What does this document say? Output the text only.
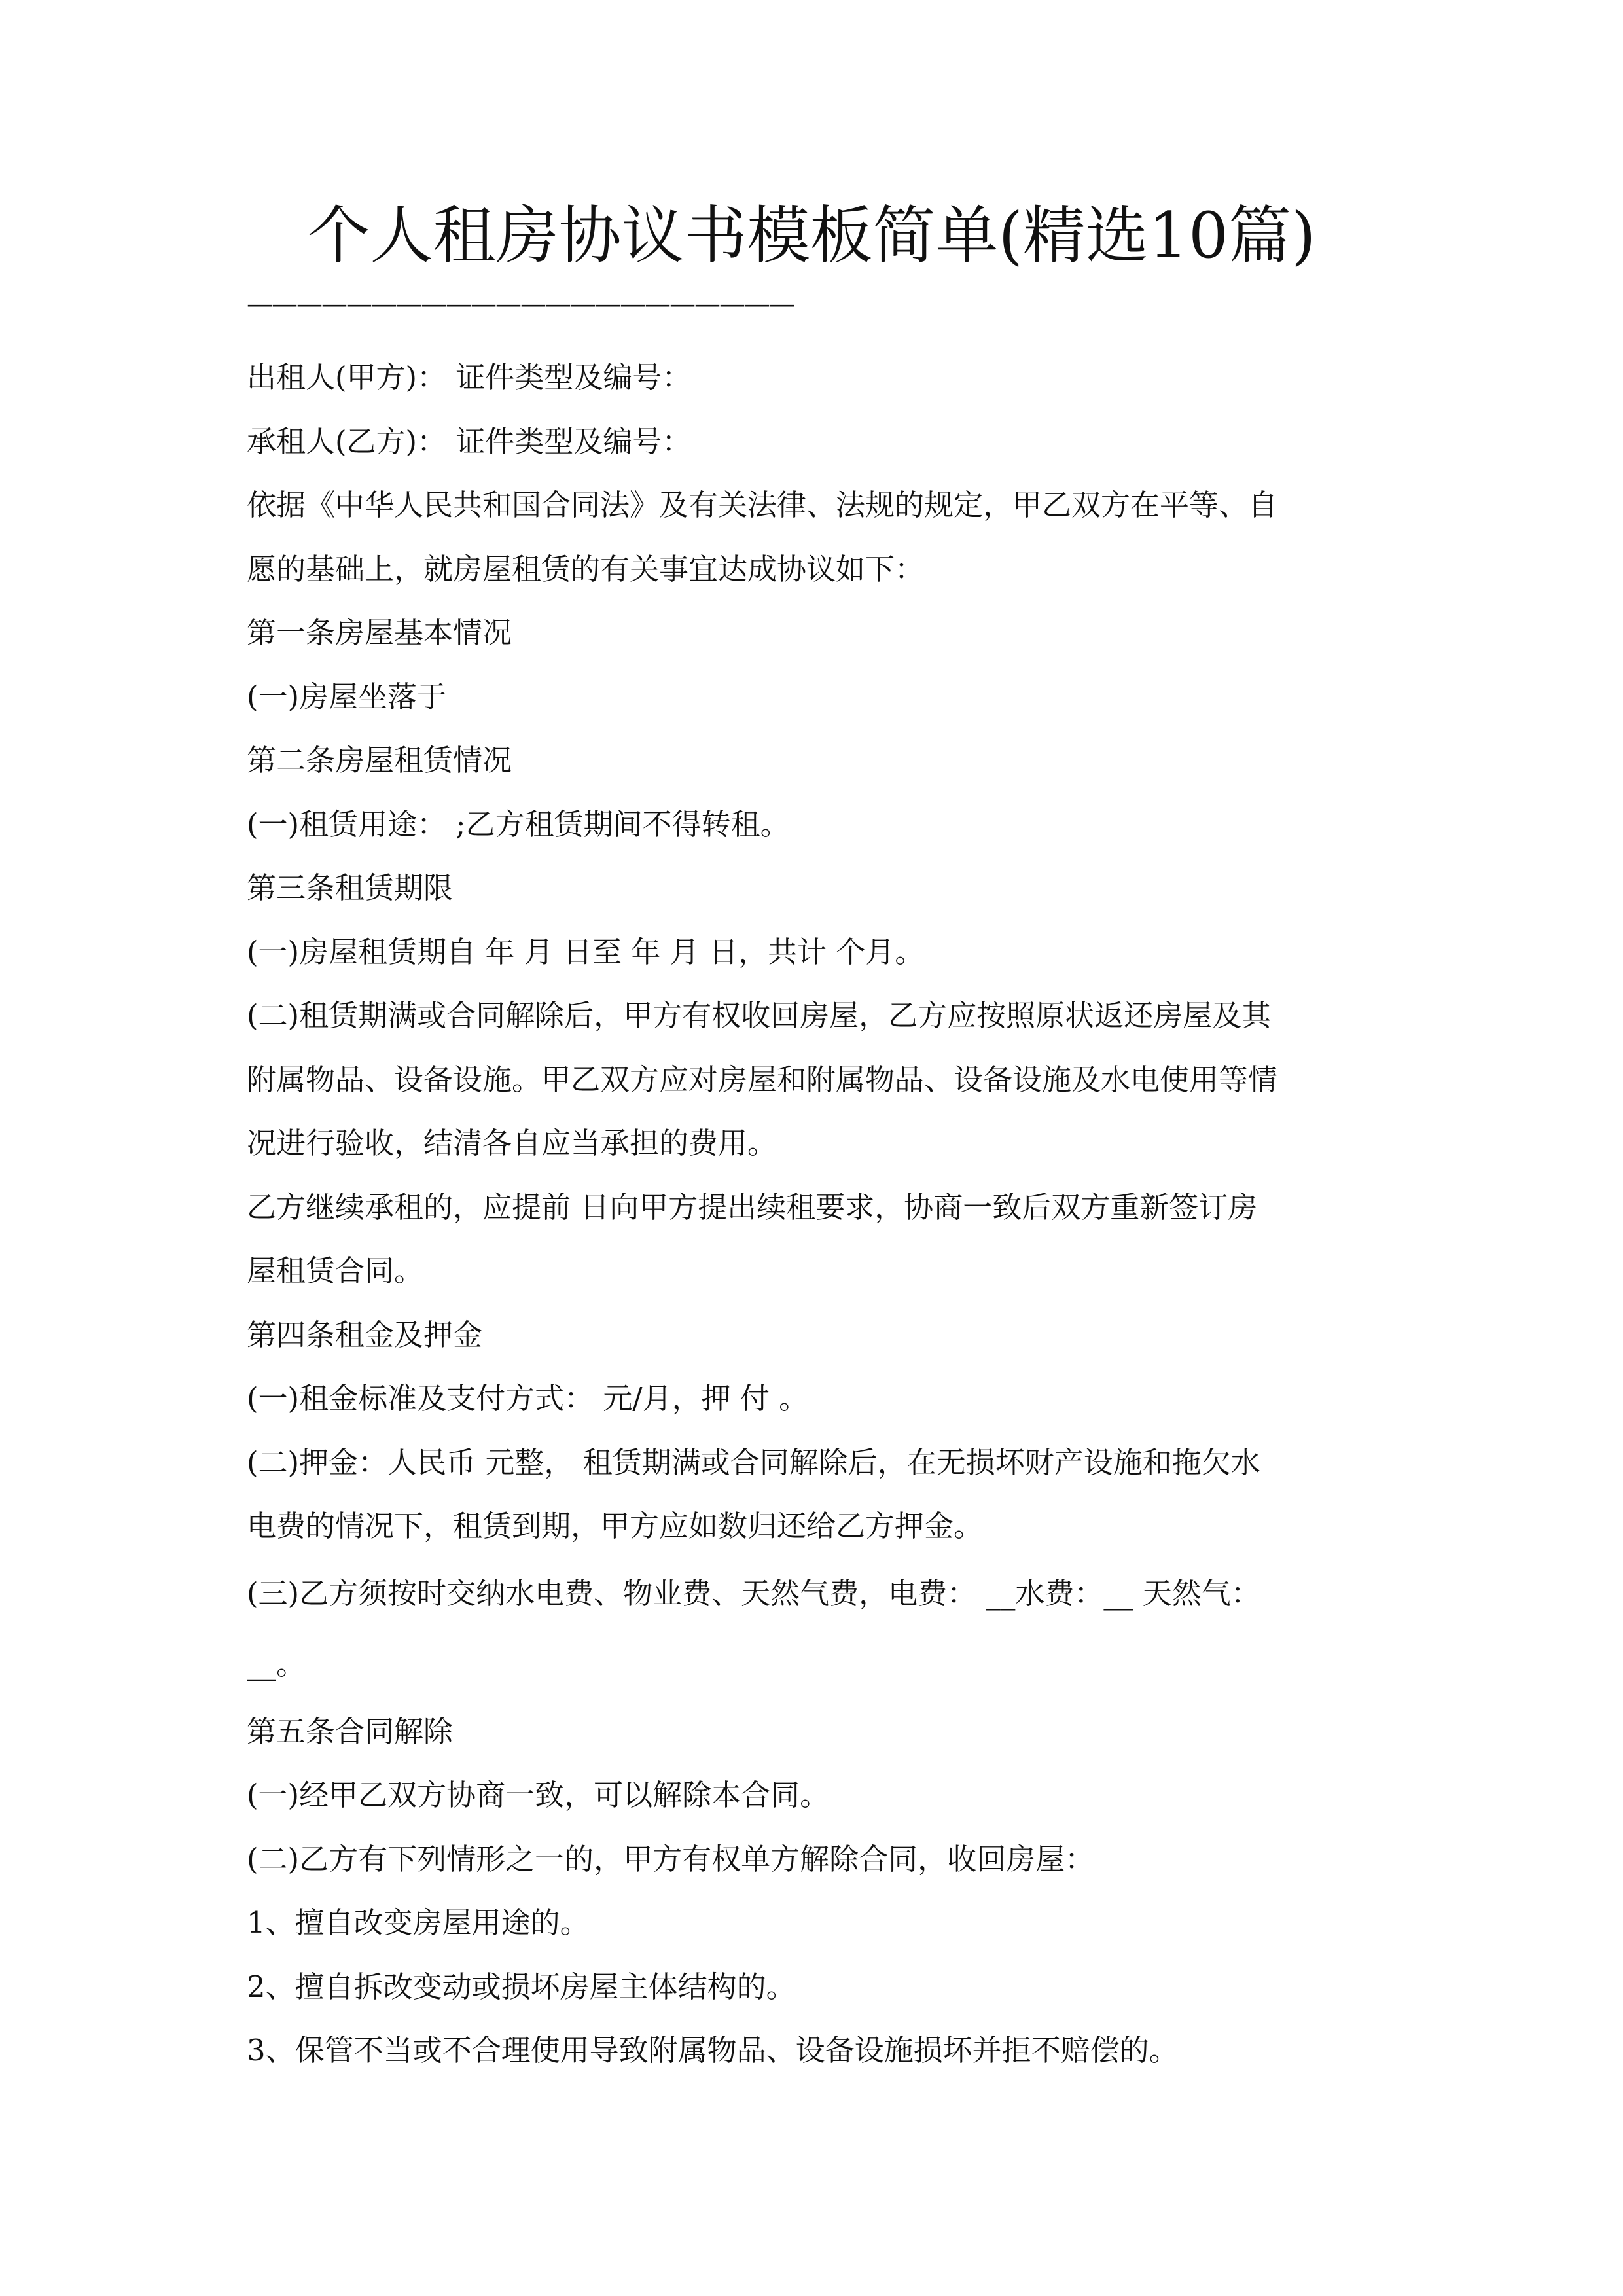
个人租房协议书模板简单(精选10篇)
——————————————————————

出租人(甲方)： 证件类型及编号：

承租人(乙方)： 证件类型及编号：

依据《中华人民共和国合同法》及有关法律、法规的规定，甲乙双方在平等、自

愿的基础上，就房屋租赁的有关事宜达成协议如下：

第一条房屋基本情况

(一)房屋坐落于

第二条房屋租赁情况

(一)租赁用途： ;乙方租赁期间不得转租。

第三条租赁期限

(一)房屋租赁期自 年 月 日至 年 月 日，共计 个月。

(二)租赁期满或合同解除后，甲方有权收回房屋，乙方应按照原状返还房屋及其

附属物品、设备设施。甲乙双方应对房屋和附属物品、设备设施及水电使用等情

况进行验收，结清各自应当承担的费用。

乙方继续承租的，应提前 日向甲方提出续租要求，协商一致后双方重新签订房

屋租赁合同。

第四条租金及押金

(一)租金标准及支付方式： 元/月，押 付 。

(二)押金：人民币 元整， 租赁期满或合同解除后，在无损坏财产设施和拖欠水

电费的情况下，租赁到期，甲方应如数归还给乙方押金。

(三)乙方须按时交纳水电费、物业费、天然气费，电费： __水费：__ 天然气：

__。

第五条合同解除

(一)经甲乙双方协商一致，可以解除本合同。

(二)乙方有下列情形之一的，甲方有权单方解除合同，收回房屋：

1、擅自改变房屋用途的。

2、擅自拆改变动或损坏房屋主体结构的。

3、保管不当或不合理使用导致附属物品、设备设施损坏并拒不赔偿的。
